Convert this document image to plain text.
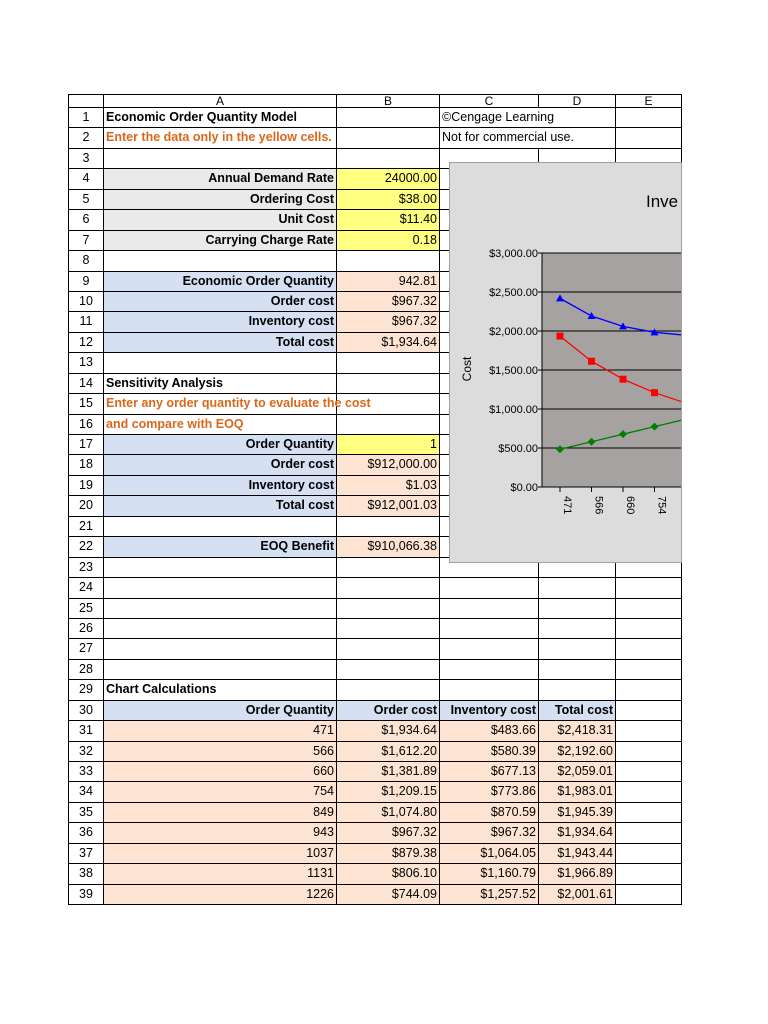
A	B	C	D	E
1	Economic Order Quantity Model	©Cengage Learning
2	Enter the data only in the yellow cells.	Not for commercial use.
3
4	Annual Demand Rate	24000.00
5	Ordering Cost	$38.00
6	Unit Cost	$11.40
7	Carrying Charge Rate	0.18
8
9	Economic Order Quantity	942.81
10	Order cost	$967.32
11	Inventory cost	$967.32
12	Total cost	$1,934.64
13
14	Sensitivity Analysis
15	Enter any order quantity to evaluate the cost
16	and compare with EOQ
17	Order Quantity	1
18	Order cost	$912,000.00
19	Inventory cost	$1.03
20	Total cost	$912,001.03
21
22	EOQ Benefit	$910,066.38
23
24
25
26
27
28
29	Chart Calculations
30	Order Quantity	Order cost	Inventory cost	Total cost
31	471	$1,934.64	$483.66	$2,418.31
32	566	$1,612.20	$580.39	$2,192.60
33	660	$1,381.89	$677.13	$2,059.01
34	754	$1,209.15	$773.86	$1,983.01
35	849	$1,074.80	$870.59	$1,945.39
36	943	$967.32	$967.32	$1,934.64
37	1037	$879.38	$1,064.05	$1,943.44
38	1131	$806.10	$1,160.79	$1,966.89
39	1226	$744.09	$1,257.52	$2,001.61
$0.00
$500.00
$1,000.00
$1,500.00
$2,000.00
$2,500.00
$3,000.00
471 566 660 754
Cost
Inve
